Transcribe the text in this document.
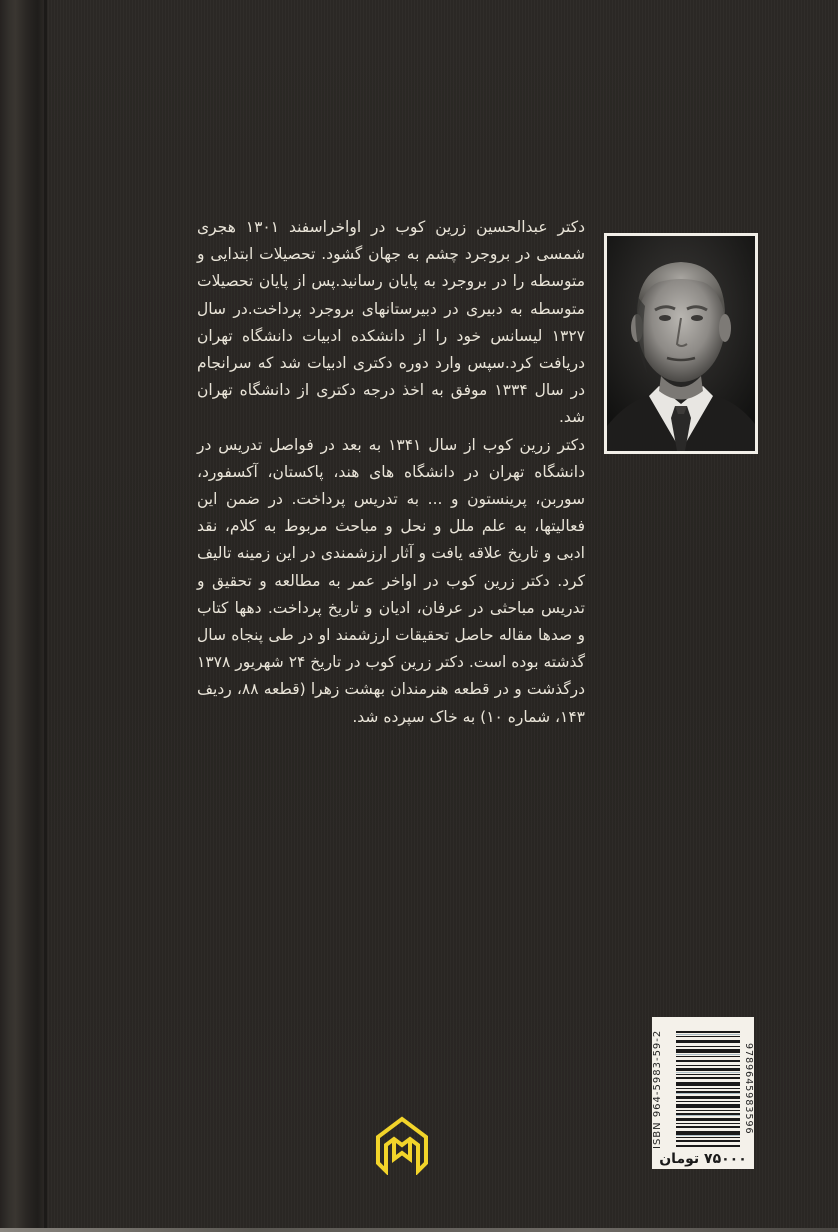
دکتر عبدالحسین زرین کوب در اواخراسفند ۱۳۰۱ هجری شمسی در بروجرد چشم به جهان گشود. تحصیلات ابتدایی و متوسطه را در بروجرد به پایان رسانید.پس از پایان تحصیلات متوسطه به دبیری در دبیرستانهای بروجرد پرداخت.در سال ۱۳۲۷ لیسانس خود را از دانشکده ادبیات دانشگاه تهران دریافت کرد.سپس وارد دوره دکتری ادبیات شد که سرانجام در سال ۱۳۳۴ موفق به اخذ درجه دکتری از دانشگاه تهران شد.

دکتر زرین کوب از سال ۱۳۴۱ به بعد در فواصل تدریس در دانشگاه تهران در دانشگاه های هند، پاکستان، آکسفورد، سوربن، پرینستون و ... به تدریس پرداخت. در ضمن این فعالیتها، به علم ملل و نحل و مباحث مربوط به کلام، نقد ادبی و تاریخ علاقه یافت و آثار ارزشمندی در این زمینه تالیف کرد. دکتر زرین کوب در اواخر عمر به مطالعه و تحقیق و تدریس مباحثی در عرفان، ادیان و تاریخ پرداخت. دهها کتاب و صدها مقاله حاصل تحقیقات ارزشمند او در طی پنجاه سال گذشته بوده است. دکتر زرین کوب در تاریخ ۲۴ شهریور ۱۳۷۸ درگذشت و در قطعه هنرمندان بهشت زهرا (قطعه ۸۸، ردیف ۱۴۳، شماره ۱۰) به خاک سپرده شد.

ISBN 964-5983-59-2	9789645983596
۷۵۰۰۰ تومان
